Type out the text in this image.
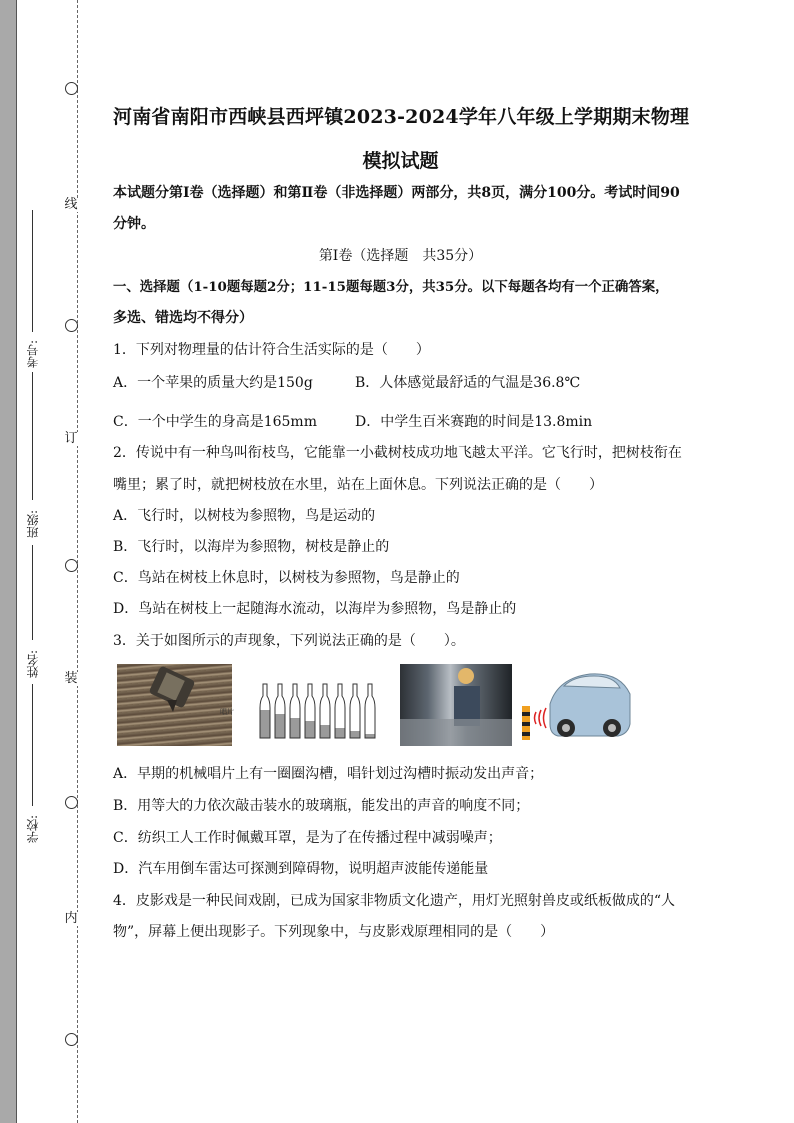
线
订
装
内
考号:
班级:
姓名:
学校:
河南省南阳市西峡县西坪镇2023-2024学年八年级上学期期末物理
模拟试题
本试题分第Ⅰ卷（选择题）和第Ⅱ卷（非选择题）两部分，共8页，满分100分。考试时间90
分钟。
第Ⅰ卷（选择题　共35分）
一、选择题（1-10题每题2分；11-15题每题3分，共35分。以下每题各均有一个正确答案，
多选、错选均不得分）
1．下列对物理量的估计符合生活实际的是（　　）
A．一个苹果的质量大约是150g	B．人体感觉最舒适的气温是36.8℃
C．一个中学生的身高是165mm	D．中学生百米赛跑的时间是13.8min
2．传说中有一种鸟叫衔枝鸟，它能靠一小截树枝成功地飞越太平洋。它飞行时，把树枝衔在
嘴里；累了时，就把树枝放在水里，站在上面休息。下列说法正确的是（　　）
A．飞行时，以树枝为参照物，鸟是运动的
B．飞行时，以海岸为参照物，树枝是静止的
C．鸟站在树枝上休息时，以树枝为参照物，鸟是静止的
D．鸟站在树枝上一起随海水流动，以海岸为参照物，鸟是静止的
3．关于如图所示的声现象，下列说法正确的是（　　）。
A．早期的机械唱片上有一圈圈沟槽，唱针划过沟槽时振动发出声音；
B．用等大的力依次敲击装水的玻璃瓶，能发出的声音的响度不同；
C．纺织工人工作时佩戴耳罩，是为了在传播过程中减弱噪声；
D．汽车用倒车雷达可探测到障碍物，说明超声波能传递能量
4．皮影戏是一种民间戏剧，已成为国家非物质文化遗产，用灯光照射兽皮或纸板做成的“人
物”，屏幕上便出现影子。下列现象中，与皮影戏原理相同的是（　　）
唱片
